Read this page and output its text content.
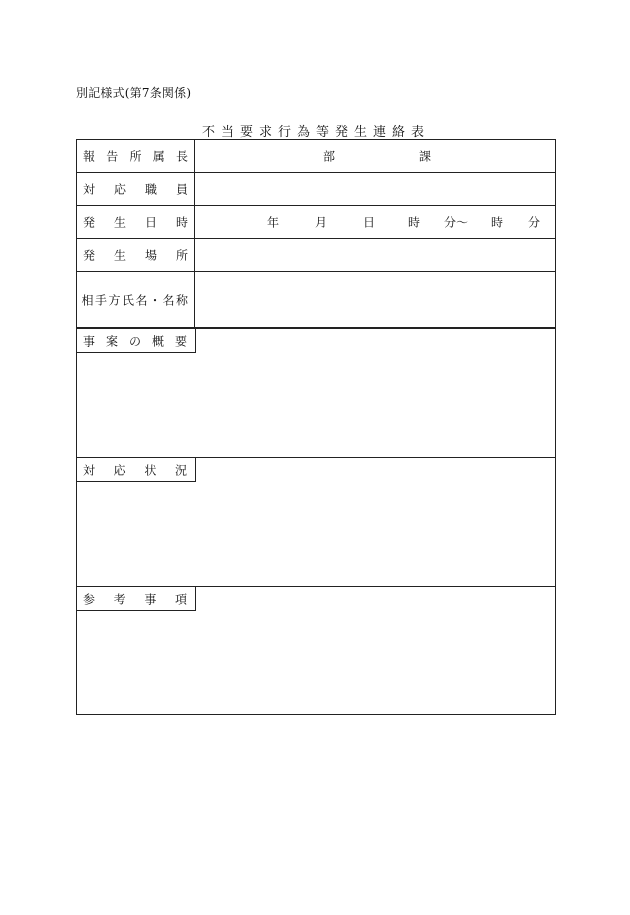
別記様式(第7条関係)
不当要求行為等発生連絡表
報 告 所 属 長	部	課
対 応 職 員
発 生 日 時	年	月	日	時 分〜 時 分
発 生 場 所
相手方氏名・名称
事 案 の 概 要
対 応 状 況
参 考 事 項
